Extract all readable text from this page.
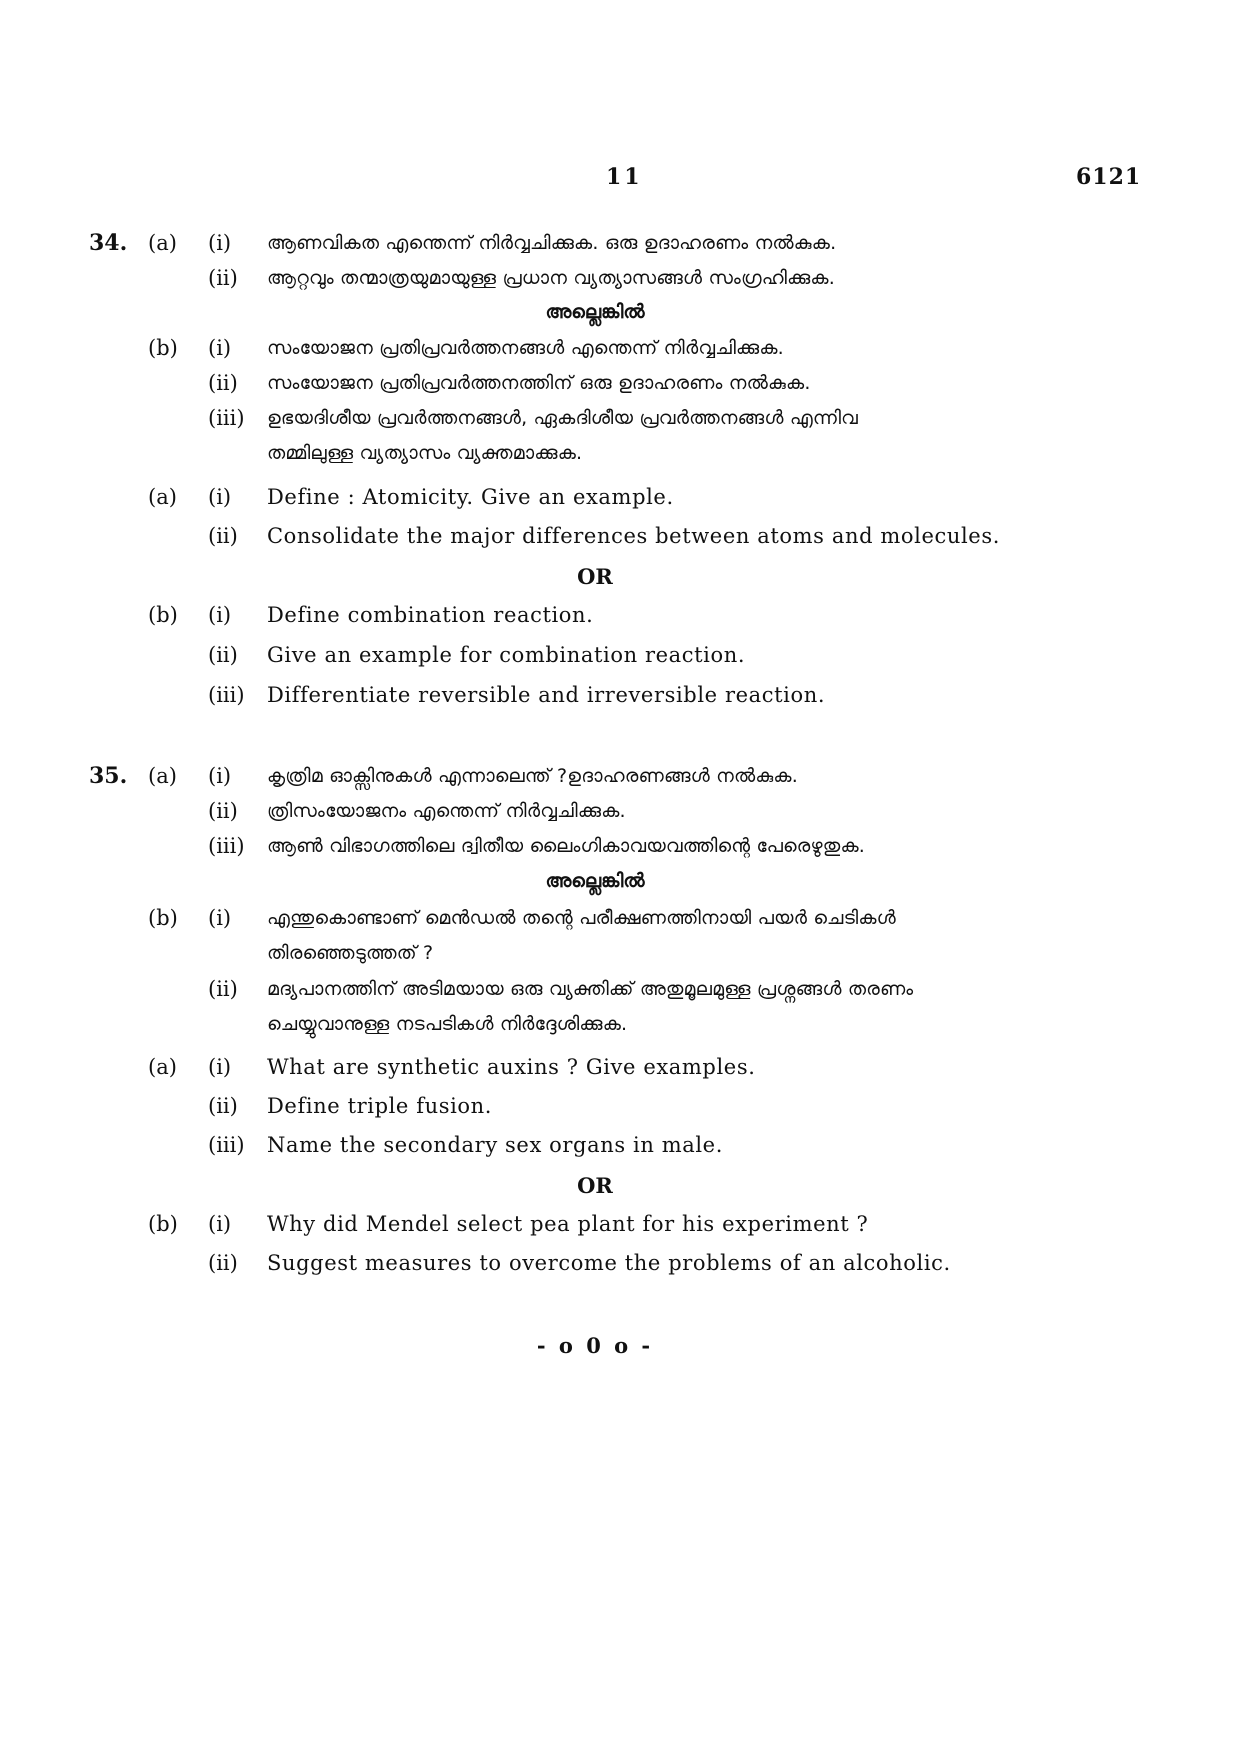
11	6121
34. (a) (i) ആണവികത എന്തെന്ന് നിർവ്വചിക്കുക. ഒരു ഉദാഹരണം നൽകുക.
(ii) ആറ്റവും തന്മാത്രയുമായുള്ള പ്രധാന വ്യത്യാസങ്ങൾ സംഗ്രഹിക്കുക.
അല്ലെങ്കിൽ
(b) (i) സംയോജന പ്രതിപ്രവർത്തനങ്ങൾ എന്തെന്ന് നിർവ്വചിക്കുക.
(ii) സംയോജന പ്രതിപ്രവർത്തനത്തിന് ഒരു ഉദാഹരണം നൽകുക.
(iii) ഉഭയദിശീയ പ്രവർത്തനങ്ങൾ, ഏകദിശീയ പ്രവർത്തനങ്ങൾ എന്നിവ
തമ്മിലുള്ള വ്യത്യാസം വ്യക്തമാക്കുക.
(a) (i) Define : Atomicity. Give an example.
(ii) Consolidate the major differences between atoms and molecules.
OR
(b) (i) Define combination reaction.
(ii) Give an example for combination reaction.
(iii) Differentiate reversible and irreversible reaction.
35. (a) (i) കൃത്രിമ ഓക്സിനുകൾ എന്നാലെന്ത് ?ഉദാഹരണങ്ങൾ നൽകുക.
(ii) ത്രിസംയോജനം എന്തെന്ന് നിർവ്വചിക്കുക.
(iii) ആൺ വിഭാഗത്തിലെ ദ്വിതീയ ലൈംഗികാവയവത്തിന്റെ പേരെഴുതുക.
അല്ലെങ്കിൽ
(b) (i) എന്തുകൊണ്ടാണ് മെൻഡൽ തന്റെ പരീക്ഷണത്തിനായി പയർ ചെടികൾ
തിരഞ്ഞെടുത്തത് ?
(ii) മദ്യപാനത്തിന് അടിമയായ ഒരു വ്യക്തിക്ക് അതുമൂലമുള്ള പ്രശ്നങ്ങൾ തരണം
ചെയ്യുവാനുള്ള നടപടികൾ നിർദ്ദേശിക്കുക.
(a) (i) What are synthetic auxins ? Give examples.
(ii) Define triple fusion.
(iii) Name the secondary sex organs in male.
OR
(b) (i) Why did Mendel select pea plant for his experiment ?
(ii) Suggest measures to overcome the problems of an alcoholic.
- o 0 o -
